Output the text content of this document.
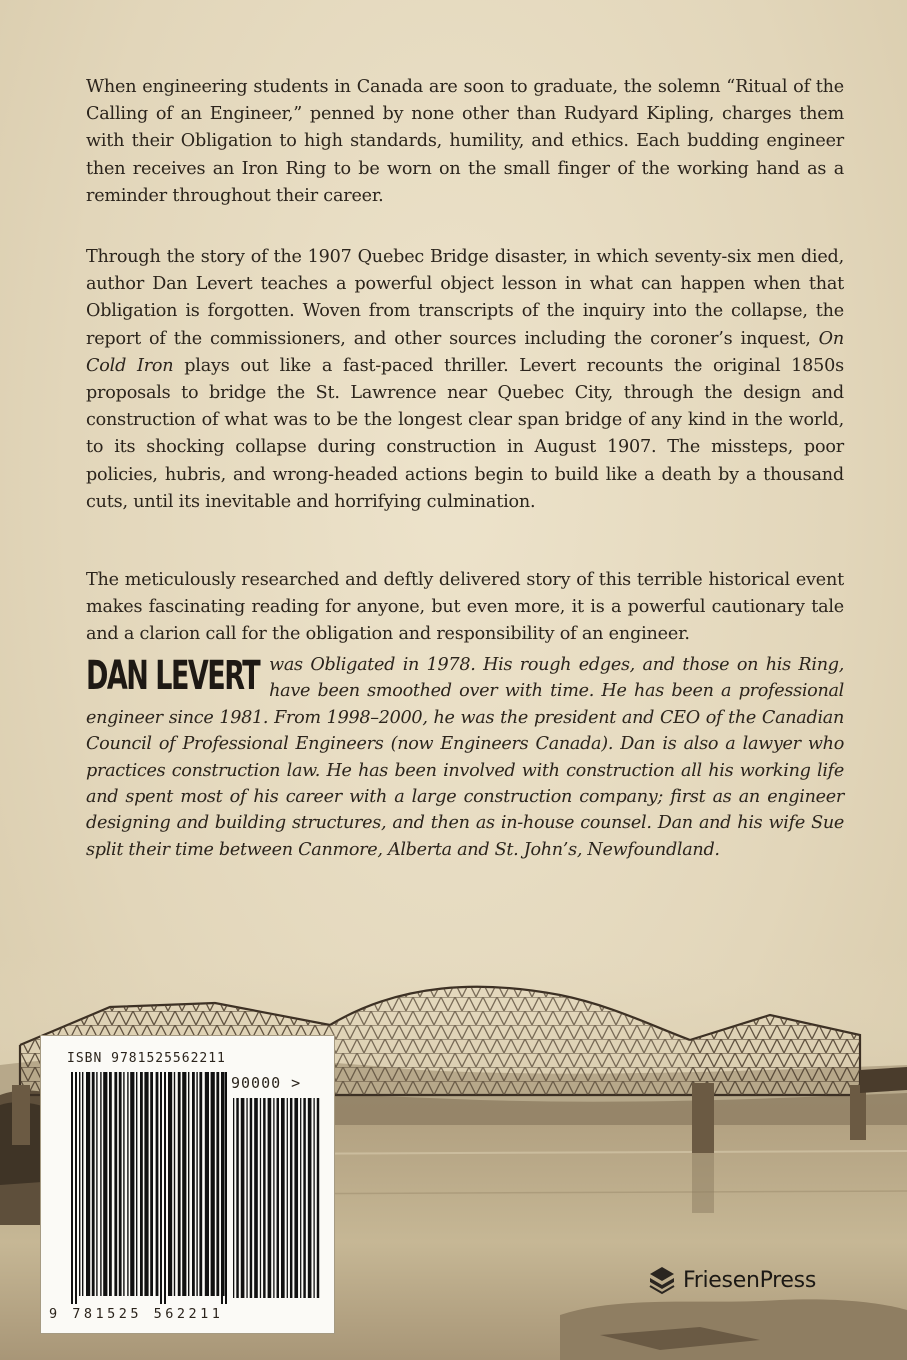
When engineering students in Canada are soon to graduate, the solemn “Ritual of the Calling of an Engineer,” penned by none other than Rudyard Kipling, charges them with their Obligation to high standards, humility, and ethics. Each budding engineer then receives an Iron Ring to be worn on the small finger of the working hand as a reminder throughout their career.

Through the story of the 1907 Quebec Bridge disaster, in which seventy-six men died, author Dan Levert teaches a powerful object lesson in what can happen when that Obligation is forgotten. Woven from transcripts of the inquiry into the collapse, the report of the commissioners, and other sources including the coroner’s inquest, On Cold Iron plays out like a fast-paced thriller. Levert recounts the original 1850s proposals to bridge the St. Lawrence near Quebec City, through the design and construction of what was to be the longest clear span bridge of any kind in the world, to its shocking collapse during construction in August 1907. The missteps, poor policies, hubris, and wrong-headed actions begin to build like a death by a thousand cuts, until its inevitable and horrifying culmination.

The meticulously researched and deftly delivered story of this terrible historical event makes fascinating reading for anyone, but even more, it is a powerful cautionary tale and a clarion call for the obligation and responsibility of an engineer.

DAN LEVERT was Obligated in 1978. His rough edges, and those on his Ring, have been smoothed over with time. He has been a professional engineer since 1981. From 1998–2000, he was the president and CEO of the Canadian Council of Professional Engineers (now Engineers Canada). Dan is also a lawyer who practices construction law. He has been involved with construction all his working life and spent most of his career with a large construction company; first as an engineer designing and building structures, and then as in-house counsel. Dan and his wife Sue split their time between Canmore, Alberta and St. John’s, Newfoundland.

ISBN 9781525562211
90000 >
9 781525 562211
FriesenPress
